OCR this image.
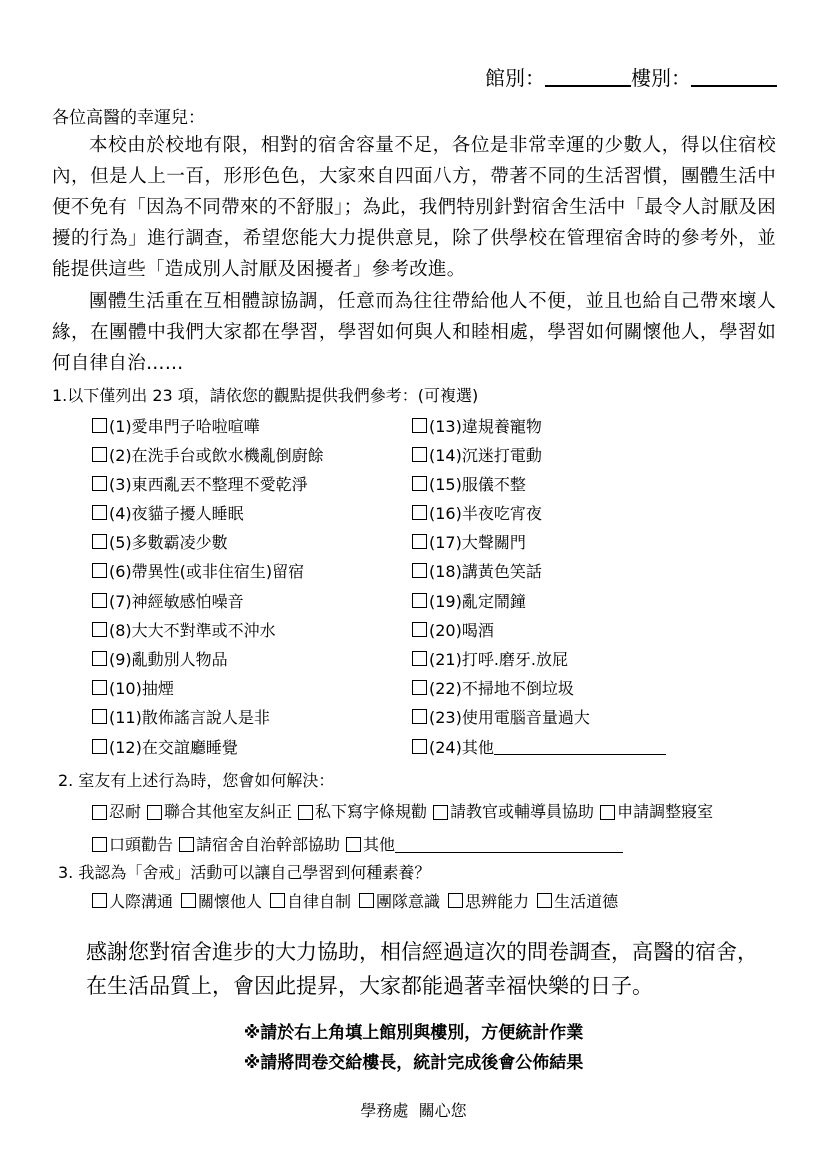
館別：	樓別：
各位高醫的幸運兒：
本校由於校地有限，相對的宿舍容量不足，各位是非常幸運的少數人，得以住宿校內，但是人上一百，形形色色，大家來自四面八方，帶著不同的生活習慣，團體生活中便不免有「因為不同帶來的不舒服」；為此，我們特別針對宿舍生活中「最令人討厭及困擾的行為」進行調查，希望您能大力提供意見，除了供學校在管理宿舍時的參考外，並能提供這些「造成別人討厭及困擾者」參考改進。
團體生活重在互相體諒協調，任意而為往往帶給他人不便，並且也給自己帶來壞人緣，在團體中我們大家都在學習，學習如何與人和睦相處，學習如何關懷他人，學習如何自律自治……
1.以下僅列出 23 項，請依您的觀點提供我們參考：(可複選)
(1)愛串門子哈啦喧嘩
(2)在洗手台或飲水機亂倒廚餘
(3)東西亂丟不整理不愛乾淨
(4)夜貓子擾人睡眠
(5)多數霸凌少數
(6)帶異性(或非住宿生)留宿
(7)神經敏感怕噪音
(8)大大不對準或不沖水
(9)亂動別人物品
(10)抽煙
(11)散佈謠言說人是非
(12)在交誼廳睡覺
(13)違規養寵物
(14)沉迷打電動
(15)服儀不整
(16)半夜吃宵夜
(17)大聲關門
(18)講黃色笑話
(19)亂定鬧鐘
(20)喝酒
(21)打呼.磨牙.放屁
(22)不掃地不倒垃圾
(23)使用電腦音量過大
(24)其他
2. 室友有上述行為時，您會如何解決：
忍耐 聯合其他室友糾正 私下寫字條規勸 請教官或輔導員協助 申請調整寢室

口頭勸告 請宿舍自治幹部協助 其他
3. 我認為「舍戒」活動可以讓自己學習到何種素養？
人際溝通 關懷他人 自律自制 團隊意識 思辨能力 生活道德
感謝您對宿舍進步的大力協助，相信經過這次的問卷調查，高醫的宿舍，在生活品質上，會因此提昇，大家都能過著幸福快樂的日子。
※請於右上角填上館別與樓別，方便統計作業
※請將問卷交給樓長，統計完成後會公佈結果
學務處  關心您
